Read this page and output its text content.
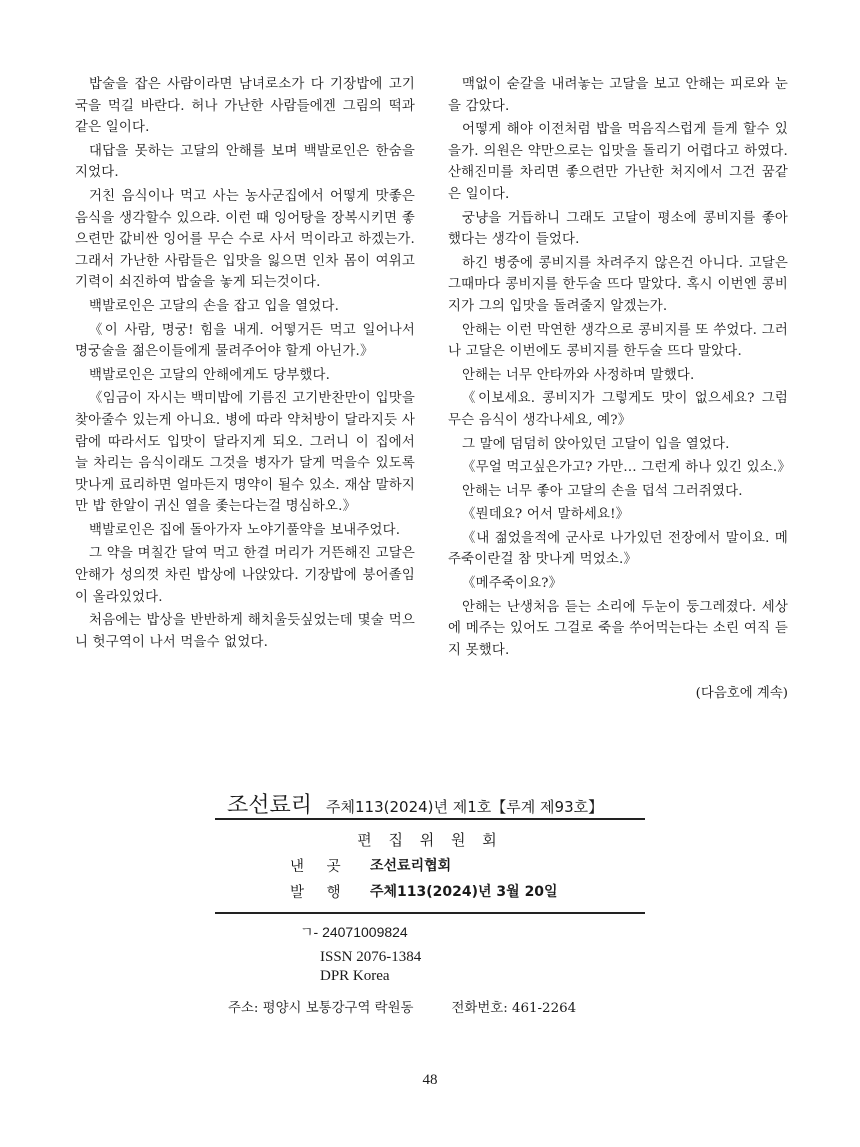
밥술을 잡은 사람이라면 남녀로소가 다 기장밥에 고기국을 먹길 바란다. 허나 가난한 사람들에겐 그림의 떡과 같은 일이다.

대답을 못하는 고달의 안해를 보며 백발로인은 한숨을 지었다.

거친 음식이나 먹고 사는 농사군집에서 어떻게 맛좋은 음식을 생각할수 있으랴. 이런 때 잉어탕을 장복시키면 좋으련만 값비싼 잉어를 무슨 수로 사서 먹이라고 하겠는가. 그래서 가난한 사람들은 입맛을 잃으면 인차 몸이 여위고 기력이 쇠진하여 밥술을 놓게 되는것이다.

백발로인은 고달의 손을 잡고 입을 열었다.

《이 사람, 명궁! 힘을 내게. 어떻거든 먹고 일어나서 명궁술을 젊은이들에게 물려주어야 할게 아닌가.》

백발로인은 고달의 안해에게도 당부했다.

《임금이 자시는 백미밥에 기름진 고기반찬만이 입맛을 찾아줄수 있는게 아니요. 병에 따라 약처방이 달라지듯 사람에 따라서도 입맛이 달라지게 되오. 그러니 이 집에서 늘 차리는 음식이래도 그것을 병자가 달게 먹을수 있도록 맛나게 료리하면 얼마든지 명약이 될수 있소. 재삼 말하지만 밥 한알이 귀신 열을 좇는다는걸 명심하오.》

백발로인은 집에 돌아가자 노야기풀약을 보내주었다.

그 약을 며칠간 달여 먹고 한결 머리가 거뜬해진 고달은 안해가 성의껏 차린 밥상에 나앉았다. 기장밥에 붕어졸임이 올라있었다.

처음에는 밥상을 반반하게 해치울듯싶었는데 몇술 먹으니 헛구역이 나서 먹을수 없었다.

맥없이 숟갈을 내려놓는 고달을 보고 안해는 피로와 눈을 감았다.

어떻게 해야 이전처럼 밥을 먹음직스럽게 들게 할수 있을가. 의원은 약만으로는 입맛을 돌리기 어렵다고 하였다. 산해진미를 차리면 좋으련만 가난한 처지에서 그건 꿈같은 일이다.

궁냥을 거듭하니 그래도 고달이 평소에 콩비지를 좋아했다는 생각이 들었다.

하긴 병중에 콩비지를 차려주지 않은건 아니다. 고달은 그때마다 콩비지를 한두술 뜨다 말았다. 혹시 이번엔 콩비지가 그의 입맛을 돌려줄지 알겠는가.

안해는 이런 막연한 생각으로 콩비지를 또 쑤었다. 그러나 고달은 이번에도 콩비지를 한두술 뜨다 말았다.

안해는 너무 안타까와 사정하며 말했다.

《이보세요. 콩비지가 그렇게도 맛이 없으세요? 그럼 무슨 음식이 생각나세요, 예?》

그 말에 덤덤히 앉아있던 고달이 입을 열었다.

《무얼 먹고싶은가고? 가만… 그런게 하나 있긴 있소.》

안해는 너무 좋아 고달의 손을 덥석 그러쥐였다.

《뭔데요? 어서 말하세요!》

《내 젊었을적에 군사로 나가있던 전장에서 말이요. 메주죽이란걸 참 맛나게 먹었소.》

《메주죽이요?》

안해는 난생처음 듣는 소리에 두눈이 둥그레졌다. 세상에 메주는 있어도 그걸로 죽을 쑤어먹는다는 소린 여직 듣지 못했다.

(다음호에 계속)
조선료리 주체113(2024)년 제1호【루계 제93호】
편 집 위 원 회
낸 곳	조선료리협회
발 행	주체113(2024)년 3월 20일
ㄱ- 24071009824
ISSN 2076-1384
DPR Korea
주소: 평양시 보통강구역 락원동	전화번호: 461-2264
48
